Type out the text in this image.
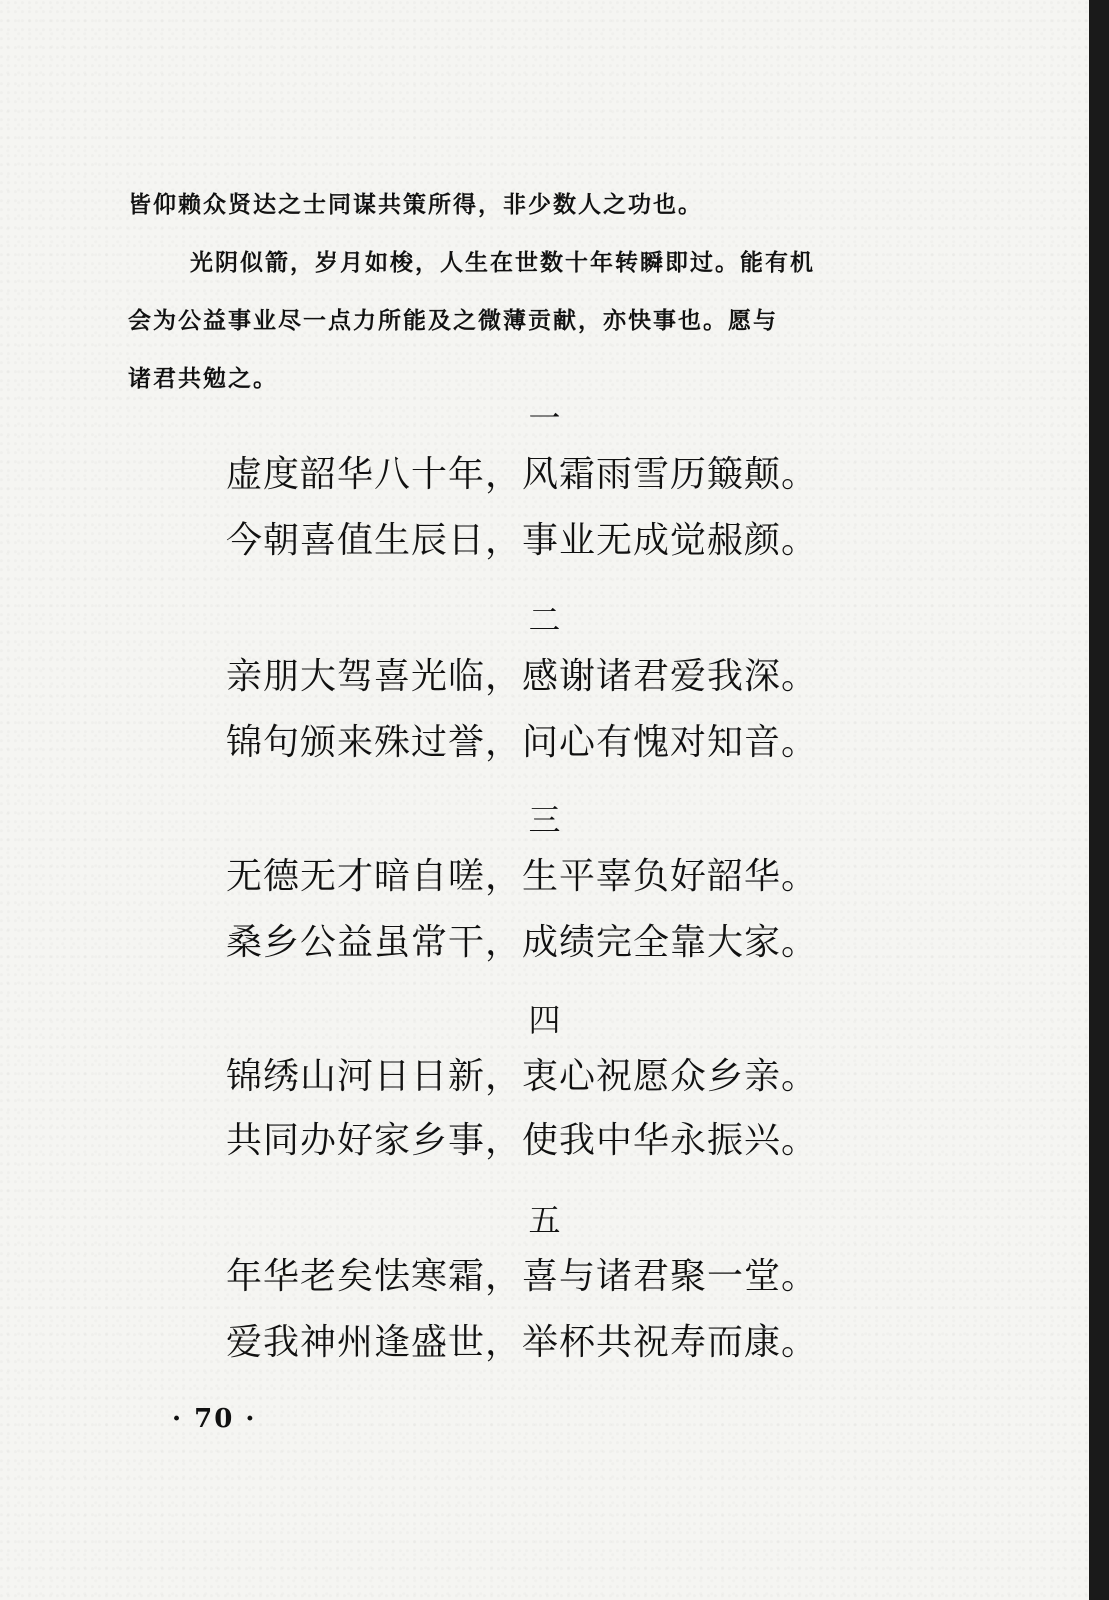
皆仰赖众贤达之士同谋共策所得，非少数人之功也。
光阴似箭，岁月如梭，人生在世数十年转瞬即过。能有机
会为公益事业尽一点力所能及之微薄贡献，亦快事也。愿与
诸君共勉之。
一
虚度韶华八十年，风霜雨雪历簸颠。
今朝喜值生辰日，事业无成觉赧颜。
二
亲朋大驾喜光临，感谢诸君爱我深。
锦句颁来殊过誉，问心有愧对知音。
三
无德无才暗自嗟，生平辜负好韶华。
桑乡公益虽常干，成绩完全靠大家。
四
锦绣山河日日新，衷心祝愿众乡亲。
共同办好家乡事，使我中华永振兴。
五
年华老矣怯寒霜，喜与诸君聚一堂。
爱我神州逢盛世，举杯共祝寿而康。
· 70 ·
